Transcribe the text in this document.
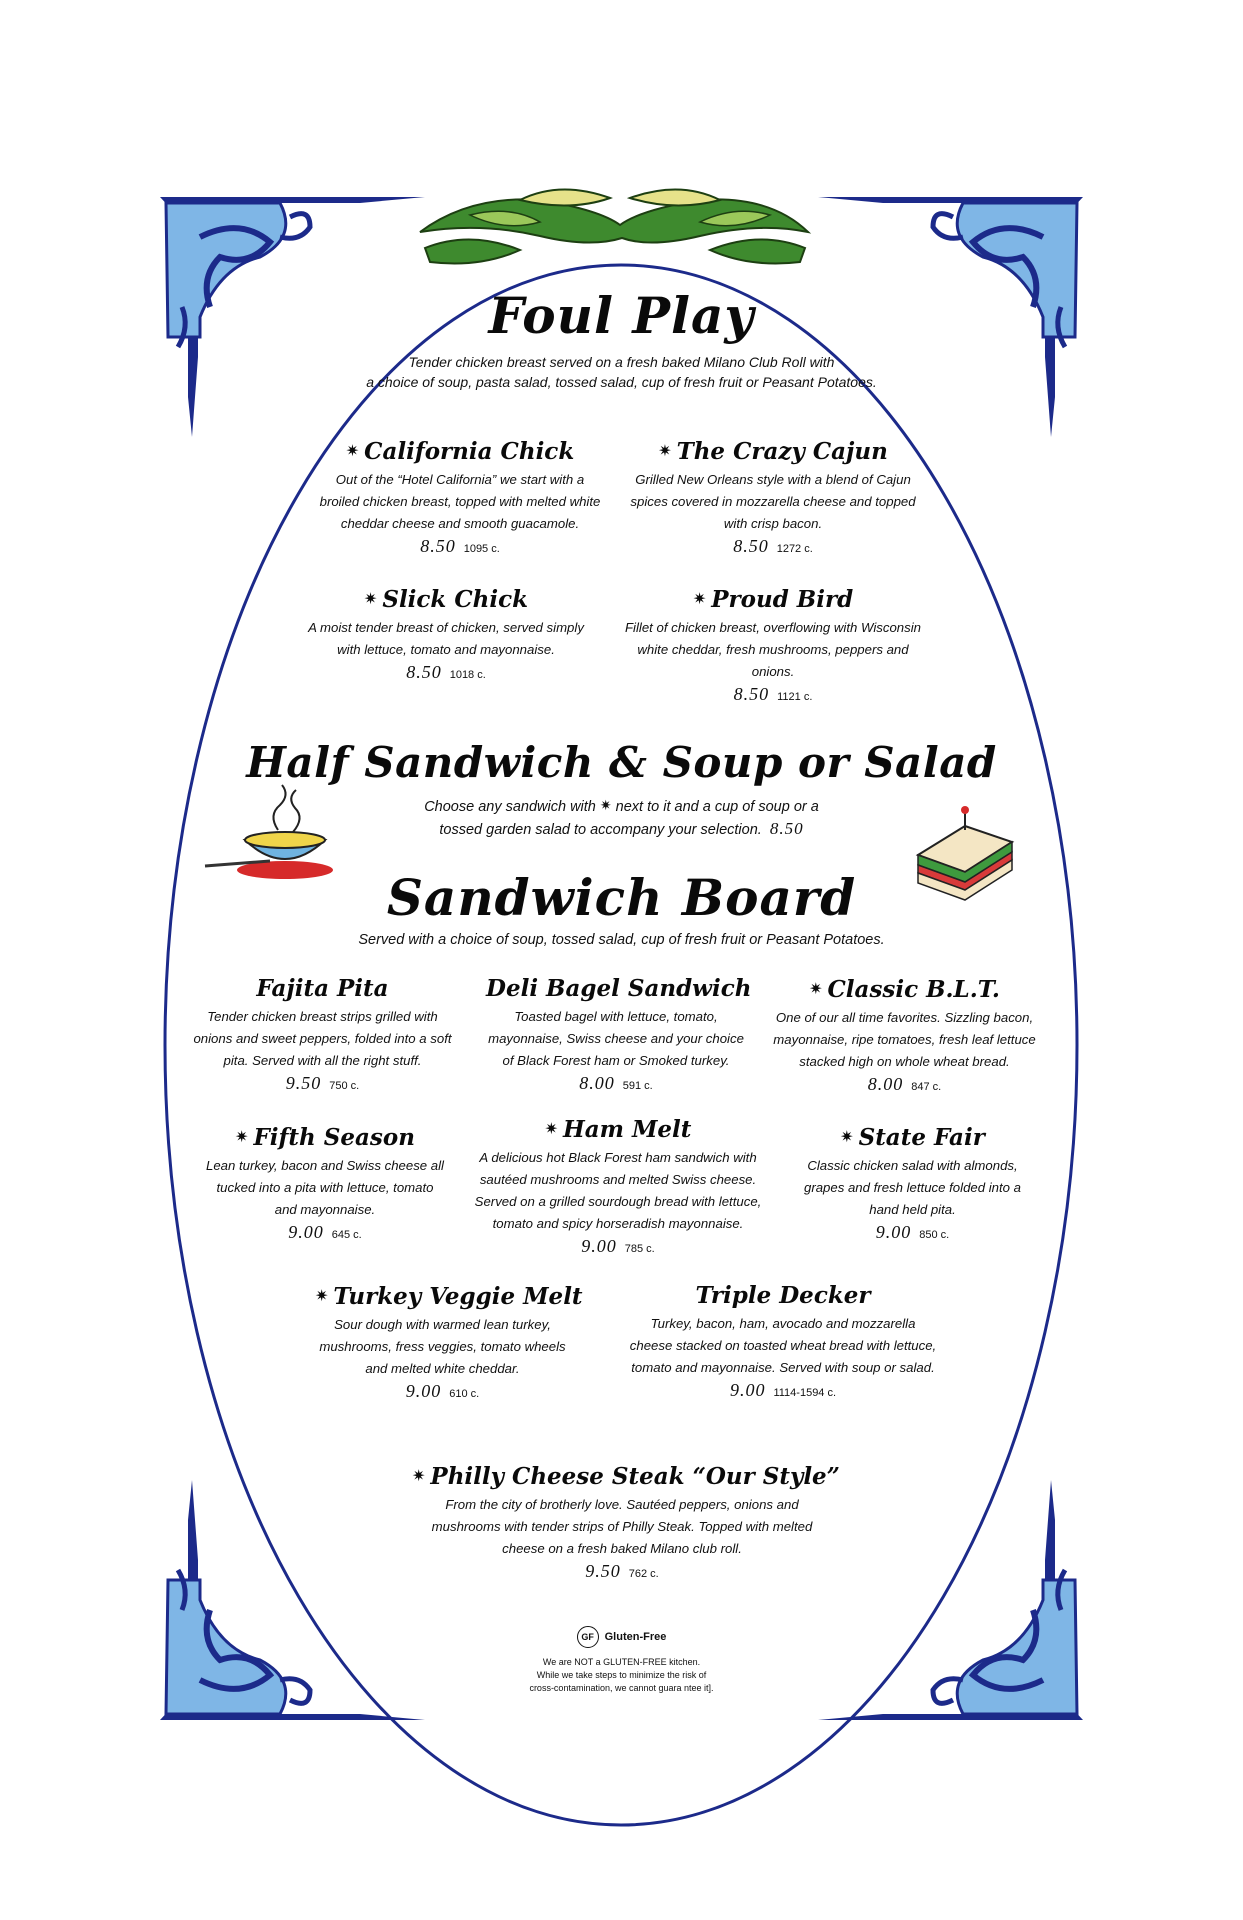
Foul Play
Tender chicken breast served on a fresh baked Milano Club Roll with
a choice of soup, pasta salad, tossed salad, cup of fresh fruit or Peasant Potatoes.
✷ California Chick
Out of the “Hotel California” we start with a broiled chicken breast, topped with melted white cheddar cheese and smooth guacamole.
8.50 1095 c.
✷ The Crazy Cajun
Grilled New Orleans style with a blend of Cajun spices covered in mozzarella cheese and topped with crisp bacon.
8.50 1272 c.
✷ Slick Chick
A moist tender breast of chicken, served simply with lettuce, tomato and mayonnaise.
8.50 1018 c.
✷ Proud Bird
Fillet of chicken breast, overflowing with Wisconsin white cheddar, fresh mushrooms, peppers and onions.
8.50 1121 c.
Half Sandwich & Soup or Salad
Choose any sandwich with ✷ next to it and a cup of soup or a
tossed garden salad to accompany your selection. 8.50
Sandwich Board
Served with a choice of soup, tossed salad, cup of fresh fruit or Peasant Potatoes.
Fajita Pita
Tender chicken breast strips grilled with onions and sweet peppers, folded into a soft pita. Served with all the right stuff.
9.50 750 c.
Deli Bagel Sandwich
Toasted bagel with lettuce, tomato, mayonnaise, Swiss cheese and your choice of Black Forest ham or Smoked turkey.
8.00 591 c.
✷ Classic B.L.T.
One of our all time favorites. Sizzling bacon, mayonnaise, ripe tomatoes, fresh leaf lettuce stacked high on whole wheat bread.
8.00 847 c.
✷ Fifth Season
Lean turkey, bacon and Swiss cheese all tucked into a pita with lettuce, tomato and mayonnaise.
9.00 645 c.
✷ Ham Melt
A delicious hot Black Forest ham sandwich with sautéed mushrooms and melted Swiss cheese. Served on a grilled sourdough bread with lettuce, tomato and spicy horseradish mayonnaise.
9.00 785 c.
✷ State Fair
Classic chicken salad with almonds, grapes and fresh lettuce folded into a hand held pita.
9.00 850 c.
✷ Turkey Veggie Melt
Sour dough with warmed lean turkey, mushrooms, fress veggies, tomato wheels and melted white cheddar.
9.00 610 c.
Triple Decker
Turkey, bacon, ham, avocado and mozzarella cheese stacked on toasted wheat bread with lettuce, tomato and mayonnaise. Served with soup or salad.
9.00 1114-1594 c.
✷ Philly Cheese Steak “Our Style”
From the city of brotherly love. Sautéed peppers, onions and mushrooms with tender strips of Philly Steak. Topped with melted cheese on a fresh baked Milano club roll.
9.50 762 c.
GF Gluten-Free
We are NOT a GLUTEN-FREE kitchen.
While we take steps to minimize the risk of
cross-contamination, we cannot guara ntee it].
